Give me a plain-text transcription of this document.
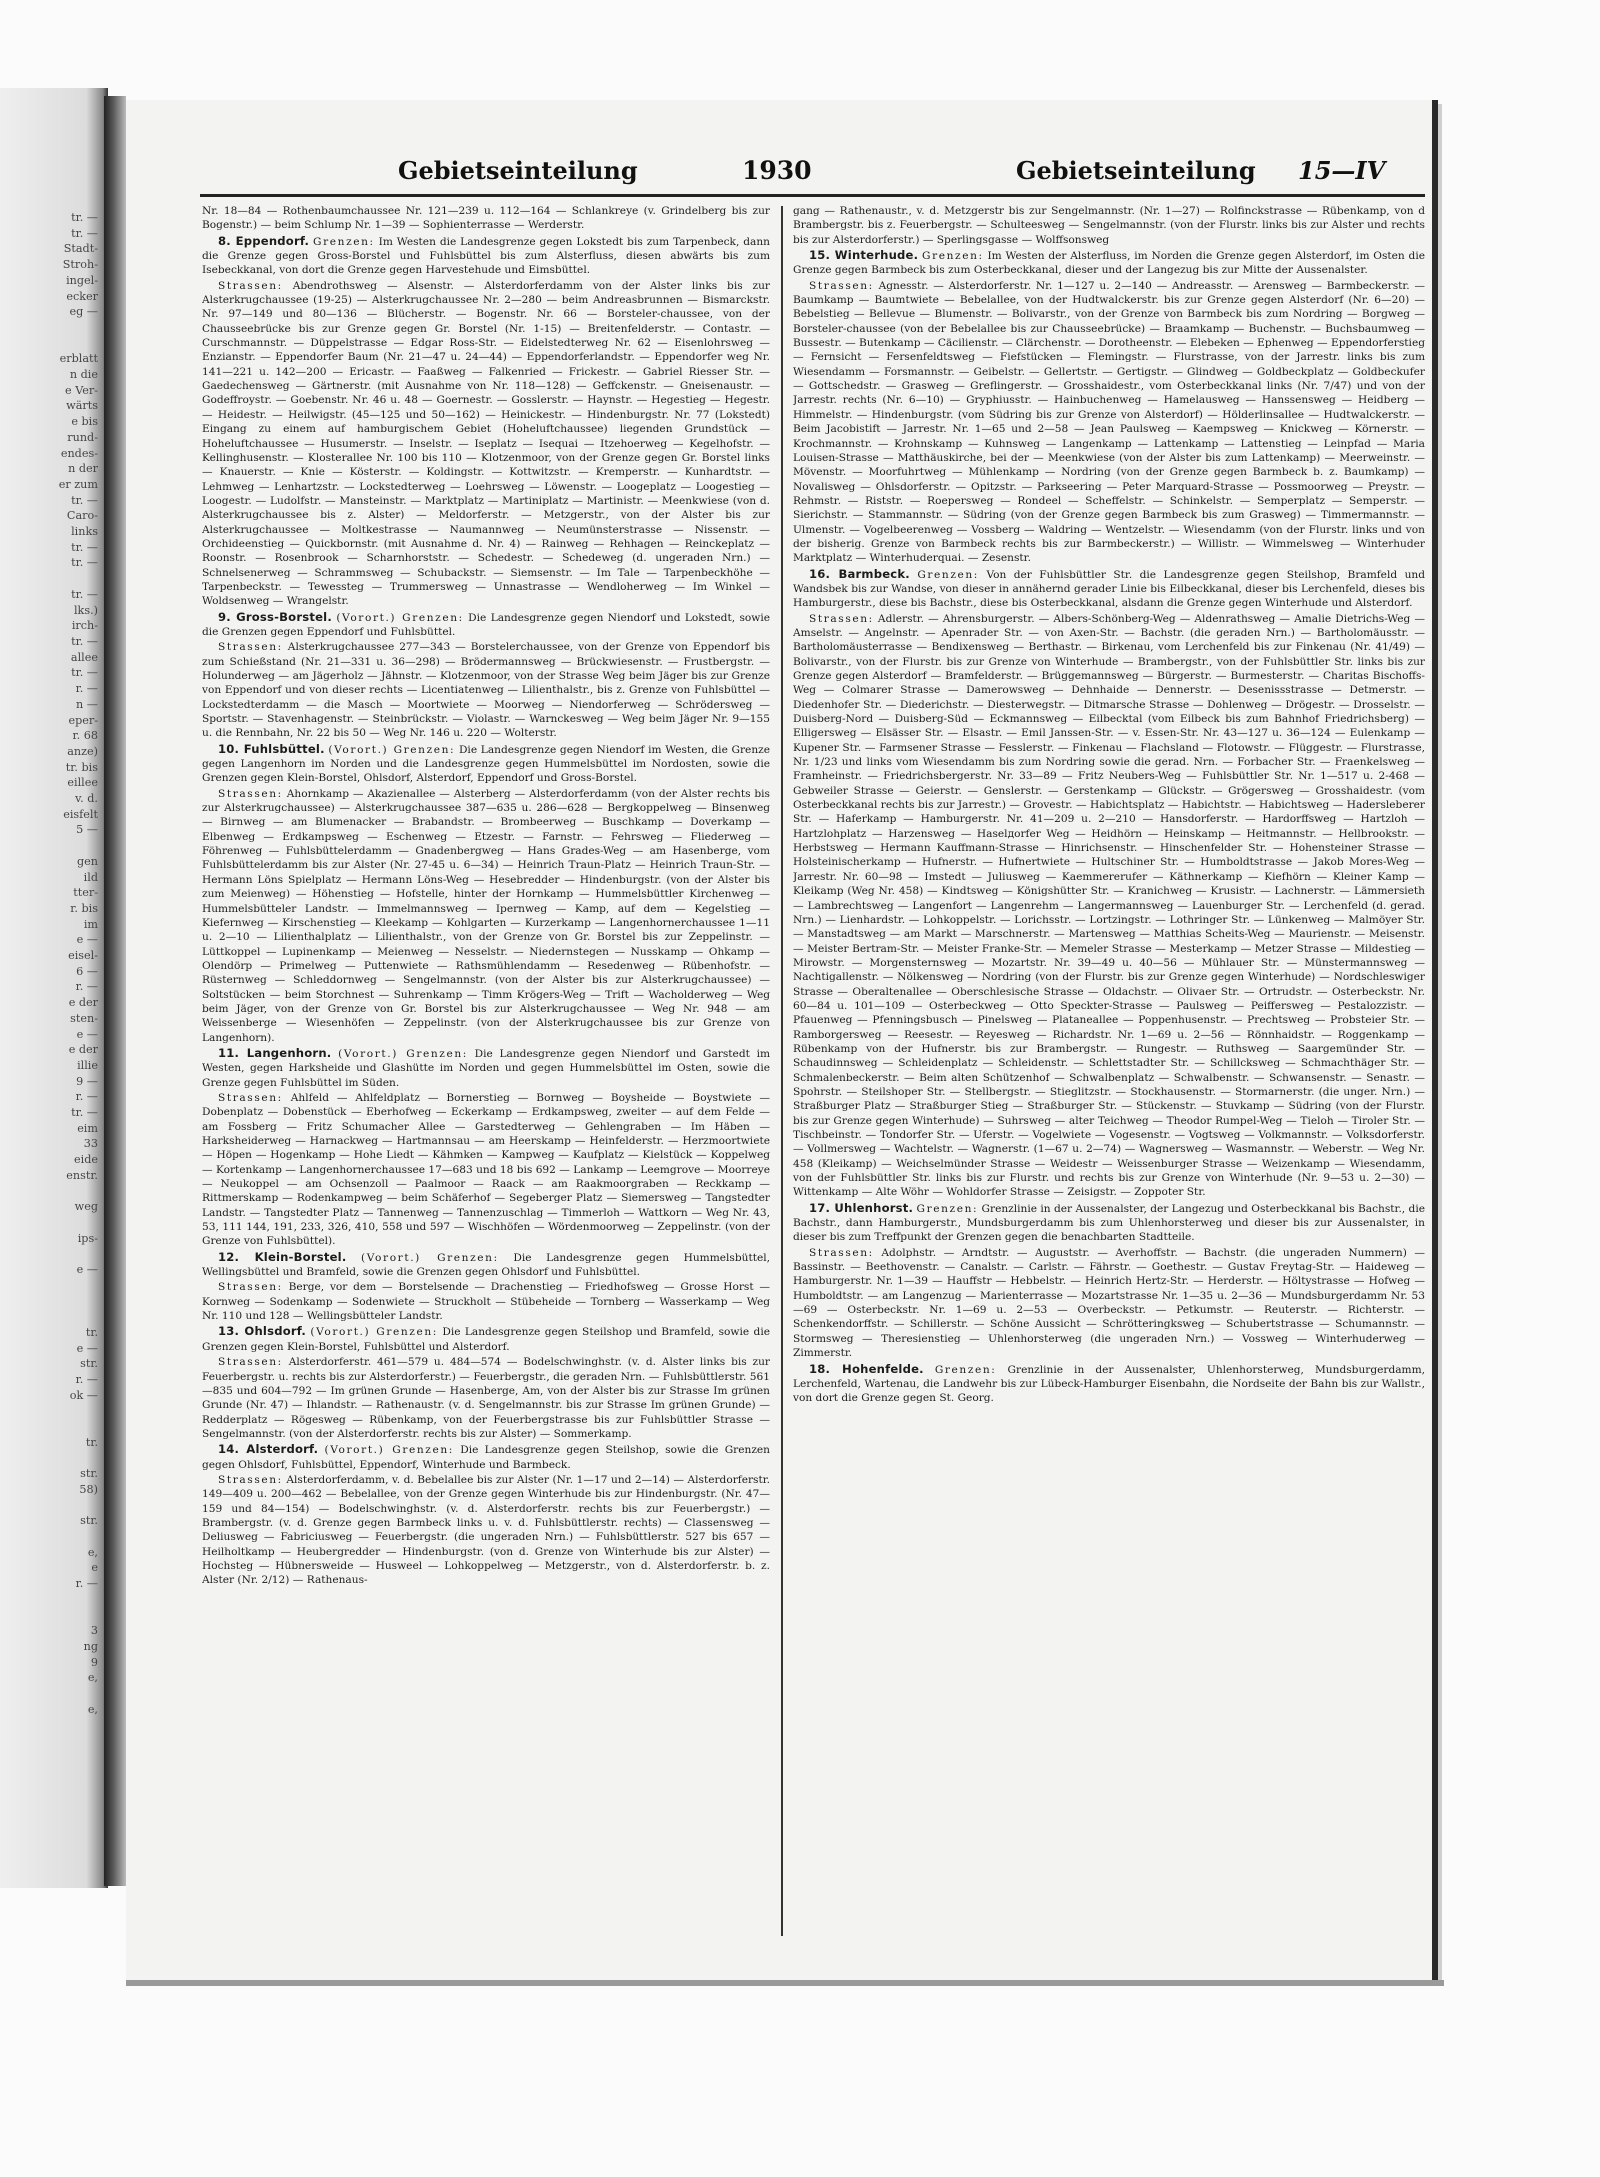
tr. —
tr. —
Stadt-
Stroh-
ingel-
ecker
eg —

erblatt
n die
e Ver-
wärts
e bis
rund-
endes-
n der
er zum
tr. —
Caro-
links
tr. —
tr. —

tr. —
lks.)
irch-
tr. —
allee
tr. —
r. —
n —
eper-
r. 68
anze)
tr. bis
eillee
v. d.
eisfelt
5 —

gen
ild
tter-
r. bis
im
e —
eisel-
6 —
r. —
e der
sten-
e —
e der
illie
9 —
r. —
tr. —
eim
33
eide
enstr.

weg

ips-

e —

tr.
e —
str.
r. —
ok —

tr.

str.
58)

str.

e,
e
r. —

3
ng
9
e,

e,
Gebietseinteilung	1930	Gebietseinteilung 15—IV

Nr. 18—84 — Rothenbaumchaussee Nr. 121—239 u. 112—164 — Schlankreye (v. Grindelberg bis zur Bogenstr.) — beim Schlump Nr. 1—39 — Sophienterrasse — Werderstr.

8. Eppendorf. Grenzen: Im Westen die Landesgrenze gegen Lokstedt bis zum Tarpenbeck, dann die Grenze gegen Gross-Borstel und Fuhlsbüttel bis zum Alsterfluss, diesen abwärts bis zum Isebeckkanal, von dort die Grenze gegen Harvestehude und Eimsbüttel.

Strassen: Abendrothsweg — Alsenstr. — Alsterdorferdamm von der Alster links bis zur Alsterkrugchaussee (19-25) — Alsterkrugchaussee Nr. 2—280 — beim Andreasbrunnen — Bismarckstr. Nr. 97—149 und 80—136 — Blücherstr. — Bogenstr. Nr. 66 — Borsteler-chaussee, von der Chausseebrücke bis zur Grenze gegen Gr. Borstel (Nr. 1-15) — Breitenfelderstr. — Contastr. — Curschmannstr. — Düppelstrasse — Edgar Ross-Str. — Eidelstedterweg Nr. 62 — Eisenlohrsweg — Enzianstr. — Eppendorfer Baum (Nr. 21—47 u. 24—44) — Eppendorferlandstr. — Eppendorfer weg Nr. 141—221 u. 142—200 — Ericastr. — Faaßweg — Falkenried — Frickestr. — Gabriel Riesser Str. — Gaedechensweg — Gärtnerstr. (mit Ausnahme von Nr. 118—128) — Geffckenstr. — Gneisenaustr. — Godeffroystr. — Goebenstr. Nr. 46 u. 48 — Goernestr. — Gosslerstr. — Haynstr. — Hegestieg — Hegestr. — Heidestr. — Heilwigstr. (45—125 und 50—162) — Heinickestr. — Hindenburgstr. Nr. 77 (Lokstedt) Eingang zu einem auf hamburgischem Gebiet (Hoheluftchaussee) liegenden Grundstück — Hoheluftchaussee — Husumerstr. — Inselstr. — Iseplatz — Isequai — Itzehoerweg — Kegelhofstr. — Kellinghusenstr. — Klosterallee Nr. 100 bis 110 — Klotzenmoor, von der Grenze gegen Gr. Borstel links — Knauerstr. — Knie — Kösterstr. — Koldingstr. — Kottwitzstr. — Kremperstr. — Kunhardtstr. — Lehmweg — Lenhartzstr. — Lockstedterweg — Loehrsweg — Löwenstr. — Loogeplatz — Loogestieg — Loogestr. — Ludolfstr. — Mansteinstr. — Marktplatz — Martiniplatz — Martinistr. — Meenkwiese (von d. Alsterkrugchaussee bis z. Alster) — Meldorferstr. — Metzgerstr., von der Alster bis zur Alsterkrugchaussee — Moltkestrasse — Naumannweg — Neumünsterstrasse — Nissenstr. — Orchideenstieg — Quickbornstr. (mit Ausnahme d. Nr. 4) — Rainweg — Rehhagen — Reinckeplatz — Roonstr. — Rosenbrook — Scharnhorststr. — Schedestr. — Schedeweg (d. ungeraden Nrn.) — Schnelsenerweg — Schrammsweg — Schubackstr. — Siemsenstr. — Im Tale — Tarpenbeckhöhe — Tarpenbeckstr. — Tewessteg — Trummersweg — Unnastrasse — Wendloherweg — Im Winkel — Woldsenweg — Wrangelstr.

9. Gross-Borstel. (Vorort.) Grenzen: Die Landesgrenze gegen Niendorf und Lokstedt, sowie die Grenzen gegen Eppendorf und Fuhlsbüttel.

Strassen: Alsterkrugchaussee 277—343 — Borstelerchaussee, von der Grenze von Eppendorf bis zum Schießstand (Nr. 21—331 u. 36—298) — Brödermannsweg — Brückwiesenstr. — Frustbergstr. — Holunderweg — am Jägerholz — Jähnstr. — Klotzenmoor, von der Strasse Weg beim Jäger bis zur Grenze von Eppendorf und von dieser rechts — Licentiatenweg — Lilienthalstr., bis z. Grenze von Fuhlsbüttel — Lockstedterdamm — die Masch — Moortwiete — Moorweg — Niendorferweg — Schrödersweg — Sportstr. — Stavenhagenstr. — Steinbrückstr. — Violastr. — Warnckesweg — Weg beim Jäger Nr. 9—155 u. die Rennbahn, Nr. 22 bis 50 — Weg Nr. 146 u. 220 — Wolterstr.

10. Fuhlsbüttel. (Vorort.) Grenzen: Die Landesgrenze gegen Niendorf im Westen, die Grenze gegen Langenhorn im Norden und die Landesgrenze gegen Hummelsbüttel im Nordosten, sowie die Grenzen gegen Klein-Borstel, Ohlsdorf, Alsterdorf, Eppendorf und Gross-Borstel.

Strassen: Ahornkamp — Akazienallee — Alsterberg — Alsterdorferdamm (von der Alster rechts bis zur Alsterkrugchaussee) — Alsterkrugchaussee 387—635 u. 286—628 — Bergkoppelweg — Binsenweg — Birnweg — am Blumenacker — Brabandstr. — Brombeerweg — Buschkamp — Doverkamp — Elbenweg — Erdkampsweg — Eschenweg — Etzestr. — Farnstr. — Fehrsweg — Fliederweg — Föhrenweg — Fuhlsbüttelerdamm — Gnadenbergweg — Hans Grades-Weg — am Hasenberge, vom Fuhlsbüttelerdamm bis zur Alster (Nr. 27-45 u. 6—34) — Heinrich Traun-Platz — Heinrich Traun-Str. — Hermann Löns Spielplatz — Hermann Löns-Weg — Hesebredder — Hindenburgstr. (von der Alster bis zum Meienweg) — Höhenstieg — Hofstelle, hinter der Hornkamp — Hummelsbüttler Kirchenweg — Hummelsbütteler Landstr. — Immelmannsweg — Ipernweg — Kamp, auf dem — Kegelstieg — Kiefernweg — Kirschenstieg — Kleekamp — Kohlgarten — Kurzerkamp — Langenhornerchaussee 1—11 u. 2—10 — Lilienthalplatz — Lilienthalstr., von der Grenze von Gr. Borstel bis zur Zeppelinstr. — Lüttkoppel — Lupinenkamp — Meienweg — Nesselstr. — Niedernstegen — Nusskamp — Ohkamp — Olendörp — Primelweg — Puttenwiete — Rathsmühlendamm — Resedenweg — Rübenhofstr. — Rüsternweg — Schleddornweg — Sengelmannstr. (von der Alster bis zur Alsterkrugchaussee) — Soltstücken — beim Storchnest — Suhrenkamp — Timm Krögers-Weg — Trift — Wacholderweg — Weg beim Jäger, von der Grenze von Gr. Borstel bis zur Alsterkrugchaussee — Weg Nr. 948 — am Weissenberge — Wiesenhöfen — Zeppelinstr. (von der Alsterkrugchaussee bis zur Grenze von Langenhorn).

11. Langenhorn. (Vorort.) Grenzen: Die Landesgrenze gegen Niendorf und Garstedt im Westen, gegen Harksheide und Glashütte im Norden und gegen Hummelsbüttel im Osten, sowie die Grenze gegen Fuhlsbüttel im Süden.

Strassen: Ahlfeld — Ahlfeldplatz — Bornerstieg — Bornweg — Boysheide — Boystwiete — Dobenplatz — Dobenstück — Eberhofweg — Eckerkamp — Erdkampsweg, zweiter — auf dem Felde — am Fossberg — Fritz Schumacher Allee — Garstedterweg — Gehlengraben — Im Häben — Harksheiderweg — Harnackweg — Hartmannsau — am Heerskamp — Heinfelderstr. — Herzmoortwiete — Höpen — Hogenkamp — Hohe Liedt — Kähmken — Kampweg — Kaufplatz — Kielstück — Koppelweg — Kortenkamp — Langenhornerchaussee 17—683 und 18 bis 692 — Lankamp — Leemgrove — Moorreye — Neukoppel — am Ochsenzoll — Paalmoor — Raack — am Raakmoorgraben — Reckkamp — Rittmerskamp — Rodenkampweg — beim Schäferhof — Segeberger Platz — Siemersweg — Tangstedter Landstr. — Tangstedter Platz — Tannenweg — Tannenzuschlag — Timmerloh — Wattkorn — Weg Nr. 43, 53, 111 144, 191, 233, 326, 410, 558 und 597 — Wischhöfen — Wördenmoorweg — Zeppelinstr. (von der Grenze von Fuhlsbüttel).

12. Klein-Borstel. (Vorort.) Grenzen: Die Landesgrenze gegen Hummelsbüttel, Wellingsbüttel und Bramfeld, sowie die Grenzen gegen Ohlsdorf und Fuhlsbüttel.

Strassen: Berge, vor dem — Borstelsende — Drachenstieg — Friedhofsweg — Grosse Horst — Kornweg — Sodenkamp — Sodenwiete — Struckholt — Stübeheide — Tornberg — Wasserkamp — Weg Nr. 110 und 128 — Wellingsbütteler Landstr.

13. Ohlsdorf. (Vorort.) Grenzen: Die Landesgrenze gegen Steilshop und Bramfeld, sowie die Grenzen gegen Klein-Borstel, Fuhlsbüttel und Alsterdorf.

Strassen: Alsterdorferstr. 461—579 u. 484—574 — Bodelschwinghstr. (v. d. Alster links bis zur Feuerbergstr. u. rechts bis zur Alsterdorferstr.) — Feuerbergstr., die geraden Nrn. — Fuhlsbüttlerstr. 561—835 und 604—792 — Im grünen Grunde — Hasenberge, Am, von der Alster bis zur Strasse Im grünen Grunde (Nr. 47) — Ihlandstr. — Rathenaustr. (v. d. Sengelmannstr. bis zur Strasse Im grünen Grunde) — Redderplatz — Rögesweg — Rübenkamp, von der Feuerbergstrasse bis zur Fuhlsbüttler Strasse — Sengelmannstr. (von der Alsterdorferstr. rechts bis zur Alster) — Sommerkamp.

14. Alsterdorf. (Vorort.) Grenzen: Die Landesgrenze gegen Steilshop, sowie die Grenzen gegen Ohlsdorf, Fuhlsbüttel, Eppendorf, Winterhude und Barmbeck.

Strassen: Alsterdorferdamm, v. d. Bebelallee bis zur Alster (Nr. 1—17 und 2—14) — Alsterdorferstr. 149—409 u. 200—462 — Bebelallee, von der Grenze gegen Winterhude bis zur Hindenburgstr. (Nr. 47—159 und 84—154) — Bodelschwinghstr. (v. d. Alsterdorferstr. rechts bis zur Feuerbergstr.) — Brambergstr. (v. d. Grenze gegen Barmbeck links u. v. d. Fuhlsbüttlerstr. rechts) — Classensweg — Deliusweg — Fabriciusweg — Feuerbergstr. (die ungeraden Nrn.) — Fuhlsbüttlerstr. 527 bis 657 — Heilholtkamp — Heubergredder — Hindenburgstr. (von d. Grenze von Winterhude bis zur Alster) — Hochsteg — Hübnersweide — Husweel — Lohkoppelweg — Metzgerstr., von d. Alsterdorferstr. b. z. Alster (Nr. 2/12) — Rathenaus-

gang — Rathenaustr., v. d. Metzgerstr bis zur Sengelmannstr. (Nr. 1—27) — Rolfinckstrasse — Rübenkamp, von d Brambergstr. bis z. Feuerbergstr. — Schulteesweg — Sengelmannstr. (von der Flurstr. links bis zur Alster und rechts bis zur Alsterdorferstr.) — Sperlingsgasse — Wolffsonsweg

15. Winterhude. Grenzen: Im Westen der Alsterfluss, im Norden die Grenze gegen Alsterdorf, im Osten die Grenze gegen Barmbeck bis zum Osterbeckkanal, dieser und der Langezug bis zur Mitte der Aussenalster.

Strassen: Agnesstr. — Alsterdorferstr. Nr. 1—127 u. 2—140 — Andreasstr. — Arensweg — Barmbeckerstr. — Baumkamp — Baumtwiete — Bebelallee, von der Hudtwalckerstr. bis zur Grenze gegen Alsterdorf (Nr. 6—20) — Bebelstieg — Bellevue — Blumenstr. — Bolivarstr., von der Grenze von Barmbeck bis zum Nordring — Borgweg — Borsteler-chaussee (von der Bebelallee bis zur Chausseebrücke) — Braamkamp — Buchenstr. — Buchsbaumweg — Bussestr. — Butenkamp — Cäcilienstr. — Clärchenstr. — Dorotheenstr. — Elebeken — Ephenweg — Eppendorferstieg — Fernsicht — Fersenfeldtsweg — Fiefstücken — Flemingstr. — Flurstrasse, von der Jarrestr. links bis zum Wiesendamm — Forsmannstr. — Geibelstr. — Gellertstr. — Gertigstr. — Glindweg — Goldbeckplatz — Goldbeckufer — Gottschedstr. — Grasweg — Greflingerstr. — Grosshaidestr., vom Osterbeckkanal links (Nr. 7/47) und von der Jarrestr. rechts (Nr. 6—10) — Gryphiusstr. — Hainbuchenweg — Hamelausweg — Hanssensweg — Heidberg — Himmelstr. — Hindenburgstr. (vom Südring bis zur Grenze von Alsterdorf) — Hölderlinsallee — Hudtwalckerstr. — Beim Jacobistift — Jarrestr. Nr. 1—65 und 2—58 — Jean Paulsweg — Kaempsweg — Knickweg — Körnerstr. — Krochmannstr. — Krohnskamp — Kuhnsweg — Langenkamp — Lattenkamp — Lattenstieg — Leinpfad — Maria Louisen-Strasse — Matthäuskirche, bei der — Meenkwiese (von der Alster bis zum Lattenkamp) — Meerweinstr. — Mövenstr. — Moorfuhrtweg — Mühlenkamp — Nordring (von der Grenze gegen Barmbeck b. z. Baumkamp) — Novalisweg — Ohlsdorferstr. — Opitzstr. — Parkseering — Peter Marquard-Strasse — Possmoorweg — Preystr. — Rehmstr. — Riststr. — Roepersweg — Rondeel — Scheffelstr. — Schinkelstr. — Semperplatz — Semperstr. — Sierichstr. — Stammannstr. — Südring (von der Grenze gegen Barmbeck bis zum Grasweg) — Timmermannstr. — Ulmenstr. — Vogelbeerenweg — Vossberg — Waldring — Wentzelstr. — Wiesendamm (von der Flurstr. links und von der bisherig. Grenze von Barmbeck rechts bis zur Barmbeckerstr.) — Willistr. — Wimmelsweg — Winterhuder Marktplatz — Winterhuderquai. — Zesenstr.

16. Barmbeck. Grenzen: Von der Fuhlsbüttler Str. die Landesgrenze gegen Steilshop, Bramfeld und Wandsbek bis zur Wandse, von dieser in annähernd gerader Linie bis Eilbeckkanal, dieser bis Lerchenfeld, dieses bis Hamburgerstr., diese bis Bachstr., diese bis Osterbeckkanal, alsdann die Grenze gegen Winterhude und Alsterdorf.

Strassen: Adlerstr. — Ahrensburgerstr. — Albers-Schönberg-Weg — Aldenrathsweg — Amalie Dietrichs-Weg — Amselstr. — Angelnstr. — Apenrader Str. — von Axen-Str. — Bachstr. (die geraden Nrn.) — Bartholomäusstr. — Bartholomäusterrasse — Bendixensweg — Berthastr. — Birkenau, vom Lerchenfeld bis zur Finkenau (Nr. 41/49) — Bolivarstr., von der Flurstr. bis zur Grenze von Winterhude — Brambergstr., von der Fuhlsbüttler Str. links bis zur Grenze gegen Alsterdorf — Bramfelderstr. — Brüggemannsweg — Bürgerstr. — Burmesterstr. — Charitas Bischoffs-Weg — Colmarer Strasse — Damerowsweg — Dehnhaide — Dennerstr. — Desenissstrasse — Detmerstr. — Diedenhofer Str. — Diederichstr. — Diesterwegstr. — Ditmarsche Strasse — Dohlenweg — Drögestr. — Drosselstr. — Duisberg-Nord — Duisberg-Süd — Eckmannsweg — Eilbecktal (vom Eilbeck bis zum Bahnhof Friedrichsberg) — Elligersweg — Elsässer Str. — Elsastr. — Emil Janssen-Str. — v. Essen-Str. Nr. 43—127 u. 36—124 — Eulenkamp — Kupener Str. — Farmsener Strasse — Fesslerstr. — Finkenau — Flachsland — Flotowstr. — Flüggestr. — Flurstrasse, Nr. 1/23 und links vom Wiesendamm bis zum Nordring sowie die gerad. Nrn. — Forbacher Str. — Fraenkelsweg — Framheinstr. — Friedrichsbergerstr. Nr. 33—89 — Fritz Neubers-Weg — Fuhlsbüttler Str. Nr. 1—517 u. 2-468 — Gebweiler Strasse — Geierstr. — Genslerstr. — Gerstenkamp — Glückstr. — Grögersweg — Grosshaidestr. (vom Osterbeckkanal rechts bis zur Jarrestr.) — Grovestr. — Habichtsplatz — Habichtstr. — Habichtsweg — Hadersleberer Str. — Haferkamp — Hamburgerstr. Nr. 41—209 u. 2—210 — Hansdorferstr. — Hardorffsweg — Hartzloh — Hartzlohplatz — Harzensweg — Haselдorfer Weg — Heidhörn — Heinskamp — Heitmannstr. — Hellbrookstr. — Herbstsweg — Hermann Kauffmann-Strasse — Hinrichsenstr. — Hinschenfelder Str. — Hohensteiner Strasse — Holsteinischerkamp — Hufnerstr. — Hufnertwiete — Hultschiner Str. — Humboldtstrasse — Jakob Mores-Weg — Jarrestr. Nr. 60—98 — Imstedt — Juliusweg — Kaemmererufer — Käthnerkamp — Kiefhörn — Kleiner Kamp — Kleikamp (Weg Nr. 458) — Kindtsweg — Königshütter Str. — Kranichweg — Krusistr. — Lachnerstr. — Lämmersieth — Lambrechtsweg — Langenfort — Langenrehm — Langermannsweg — Lauenburger Str. — Lerchenfeld (d. gerad. Nrn.) — Lienhardstr. — Lohkoppelstr. — Lorichsstr. — Lortzingstr. — Lothringer Str. — Lünkenweg — Malmöyer Str. — Manstadtsweg — am Markt — Marschnerstr. — Martensweg — Matthias Scheits-Weg — Maurienstr. — Meisenstr. — Meister Bertram-Str. — Meister Franke-Str. — Memeler Strasse — Mesterkamp — Metzer Strasse — Mildestieg — Mirowstr. — Morgensternsweg — Mozartstr. Nr. 39—49 u. 40—56 — Mühlauer Str. — Münstermannsweg — Nachtigallenstr. — Nölkensweg — Nordring (von der Flurstr. bis zur Grenze gegen Winterhude) — Nordschleswiger Strasse — Oberaltenallee — Oberschlesische Strasse — Oldachstr. — Olivaer Str. — Ortrudstr. — Osterbeckstr. Nr. 60—84 u. 101—109 — Osterbeckweg — Otto Speckter-Strasse — Paulsweg — Peiffersweg — Pestalozzistr. — Pfauenweg — Pfenningsbusch — Pinelsweg — Plataneallee — Poppenhusenstr. — Prechtsweg — Probsteier Str. — Ramborgersweg — Reesestr. — Reyesweg — Richardstr. Nr. 1—69 u. 2—56 — Rönnhaidstr. — Roggenkamp — Rübenkamp von der Hufnerstr. bis zur Brambergstr. — Rungestr. — Ruthsweg — Saargemünder Str. — Schaudinnsweg — Schleidenplatz — Schleidenstr. — Schlettstadter Str. — Schillcksweg — Schmachthäger Str. — Schmalenbeckerstr. — Beim alten Schützenhof — Schwalbenplatz — Schwalbenstr. — Schwansenstr. — Senastr. — Spohrstr. — Steilshoper Str. — Stellbergstr. — Stieglitzstr. — Stockhausenstr. — Stormarnerstr. (die unger. Nrn.) — Straßburger Platz — Straßburger Stieg — Straßburger Str. — Stückenstr. — Stuvkamp — Südring (von der Flurstr. bis zur Grenze gegen Winterhude) — Suhrsweg — alter Teichweg — Theodor Rumpel-Weg — Tieloh — Tiroler Str. — Tischbeinstr. — Tondorfer Str. — Uferstr. — Vogelwiete — Vogesenstr. — Vogtsweg — Volkmannstr. — Volksdorferstr. — Vollmersweg — Wachtelstr. — Wagnerstr. (1—67 u. 2—74) — Wagnersweg — Wasmannstr. — Weberstr. — Weg Nr. 458 (Kleikamp) — Weichselmünder Strasse — Weidestr — Weissenburger Strasse — Weizenkamp — Wiesendamm, von der Fuhlsbüttler Str. links bis zur Flurstr. und rechts bis zur Grenze von Winterhude (Nr. 9—53 u. 2—30) — Wittenkamp — Alte Wöhr — Wohldorfer Strasse — Zeisigstr. — Zoppoter Str.

17. Uhlenhorst. Grenzen: Grenzlinie in der Aussenalster, der Langezug und Osterbeckkanal bis Bachstr., die Bachstr., dann Hamburgerstr., Mundsburgerdamm bis zum Uhlenhorsterweg und dieser bis zur Aussenalster, in dieser bis zum Treffpunkt der Grenzen gegen die benachbarten Stadtteile.

Strassen: Adolphstr. — Arndtstr. — Auguststr. — Averhoffstr. — Bachstr. (die ungeraden Nummern) — Bassinstr. — Beethovenstr. — Canalstr. — Carlstr. — Fährstr. — Goethestr. — Gustav Freytag-Str. — Haideweg — Hamburgerstr. Nr. 1—39 — Hauffstr — Hebbelstr. — Heinrich Hertz-Str. — Herderstr. — Höltystrasse — Hofweg — Humboldtstr. — am Langenzug — Marienterrasse — Mozartstrasse Nr. 1—35 u. 2—36 — Mundsburgerdamm Nr. 53—69 — Osterbeckstr. Nr. 1—69 u. 2—53 — Overbeckstr. — Petkumstr. — Reuterstr. — Richterstr. — Schenkendorffstr. — Schillerstr. — Schöne Aussicht — Schrötteringksweg — Schubertstrasse — Schumannstr. — Stormsweg — Theresienstieg — Uhlenhorsterweg (die ungeraden Nrn.) — Vossweg — Winterhuderweg — Zimmerstr.

18. Hohenfelde. Grenzen: Grenzlinie in der Aussenalster, Uhlenhorsterweg, Mundsburgerdamm, Lerchenfeld, Wartenau, die Landwehr bis zur Lübeck-Hamburger Eisenbahn, die Nordseite der Bahn bis zur Wallstr., von dort die Grenze gegen St. Georg.
